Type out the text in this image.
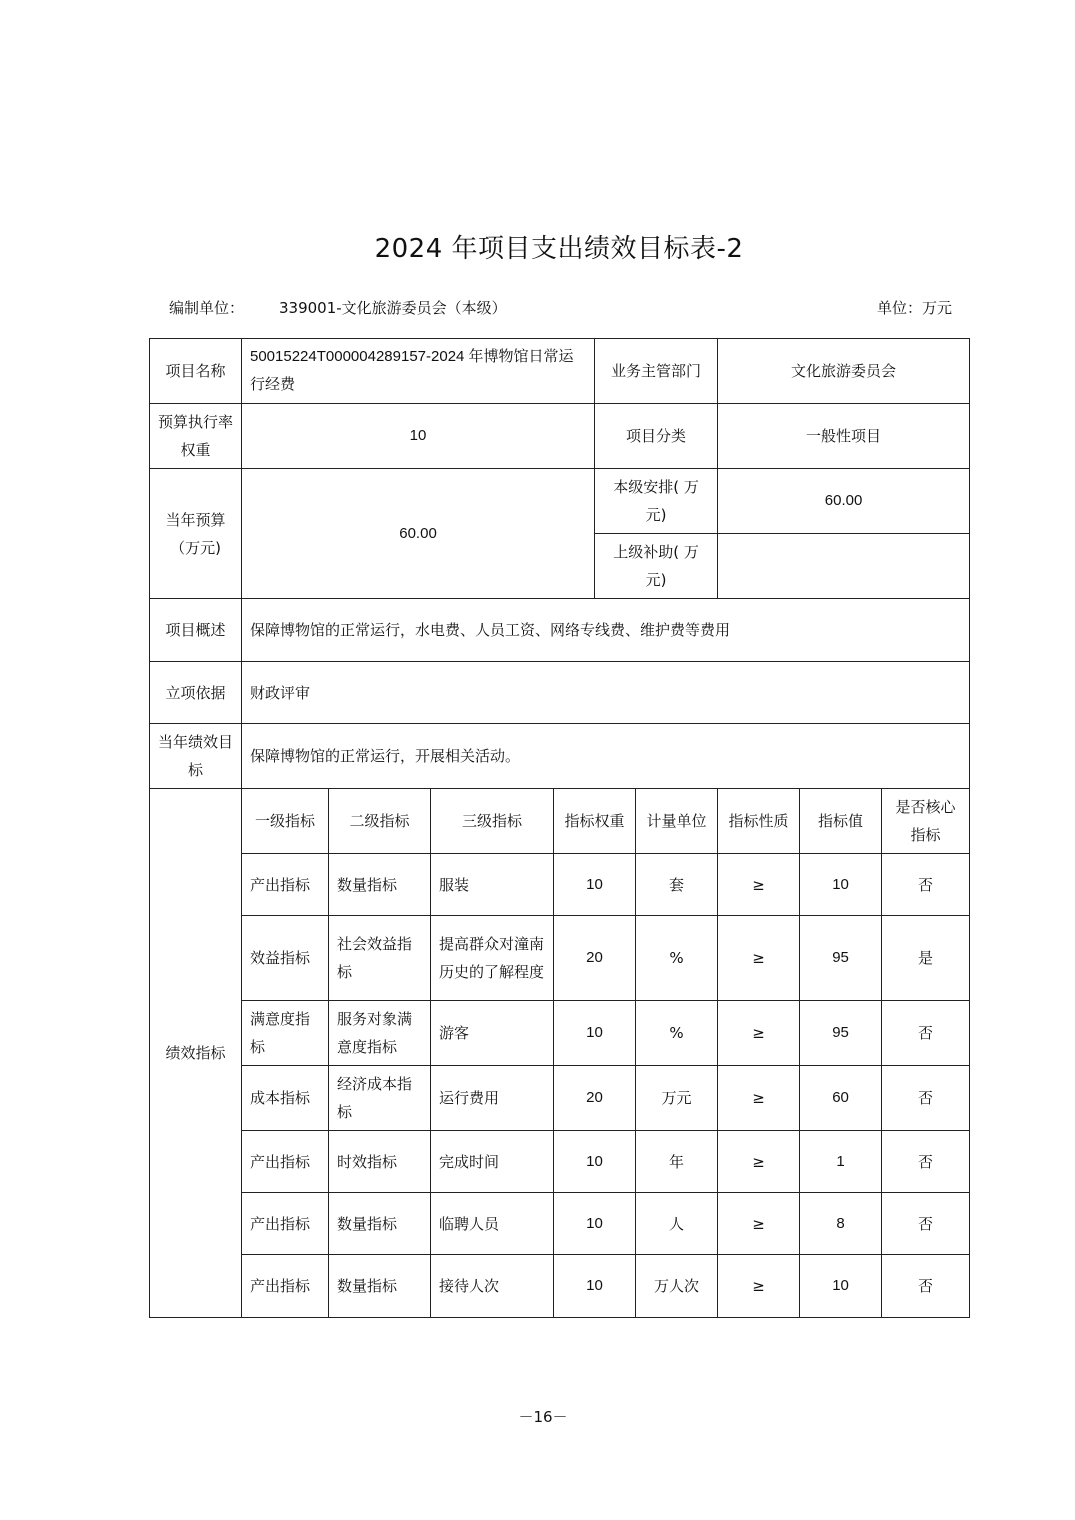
2024 年项目支出绩效目标表-2
编制单位： 339001-文化旅游委员会（本级）	单位：万元
项目名称	50015224T000004289157-2024 年博物馆日常运行经费				业务主管部门		文化旅游委员会		
预算执行率权重	10				项目分类		一般性项目		
当年预算（万元)	60.00				本级安排( 万元)		60.00		
					上级补助( 万元)				
项目概述	保障博物馆的正常运行，水电费、人员工资、网络专线费、维护费等费用								
立项依据	财政评审								
当年绩效目标	保障博物馆的正常运行，开展相关活动。								
绩效指标	一级指标	二级指标	三级指标	指标权重		计量单位	指标性质	指标值	是否核心指标
	产出指标	数量指标	服装	10		套	≥	10	否
	效益指标	社会效益指标	提高群众对潼南历史的了解程度	20		%	≥	95	是
	满意度指标	服务对象满意度指标	游客	10		%	≥	95	否
	成本指标	经济成本指标	运行费用	20		万元	≥	60	否
	产出指标	时效指标	完成时间	10		年	≥	1	否
	产出指标	数量指标	临聘人员	10		人	≥	8	否
	产出指标	数量指标	接待人次	10		万人次	≥	10	否
－16－
